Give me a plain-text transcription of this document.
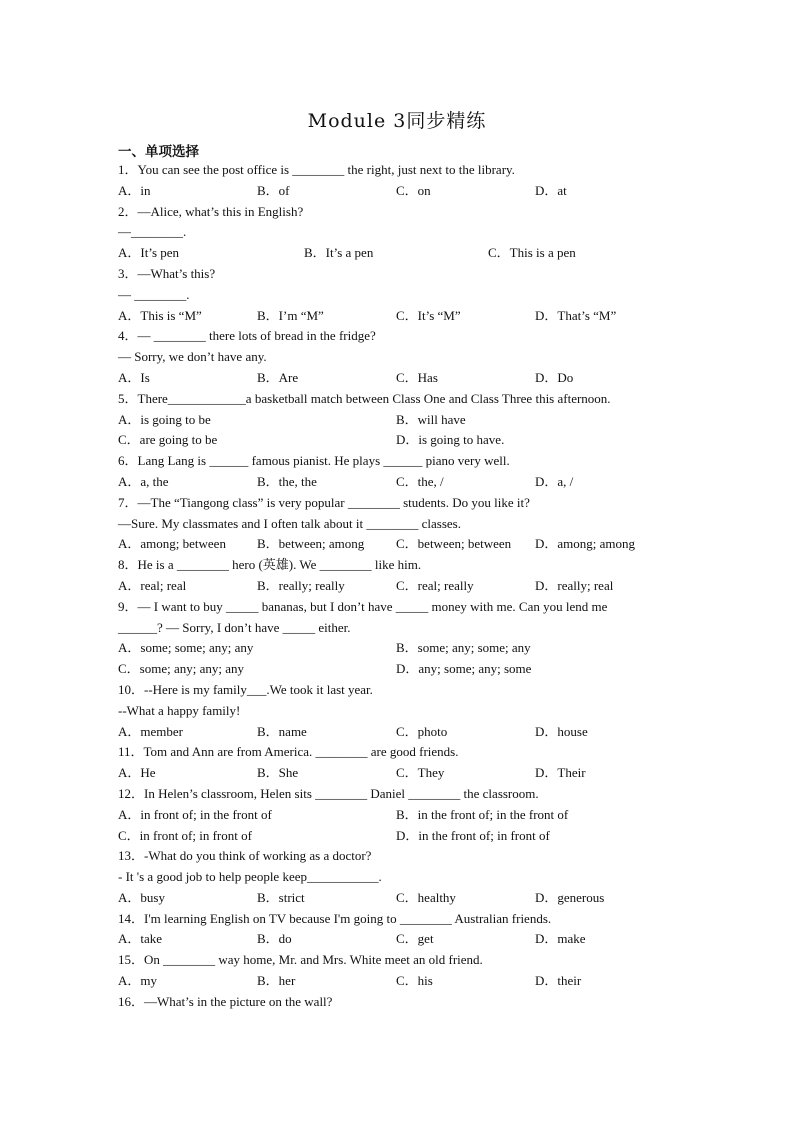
Module 3同步精练
一、单项选择
1．You can see the post office is ________ the right, just next to the library.
A．in	B．of	C．on	D．at
2．—Alice, what’s this in English?
—________.
A．It’s pen	B．It’s a pen	C．This is a pen
3．—What’s this?
— ________.
A．This is “M”	B．I’m “M”	C．It’s “M”	D．That’s “M”
4．— ________ there lots of bread in the fridge?
— Sorry, we don’t have any.
A．Is	B．Are	C．Has	D．Do
5．There____________a basketball match between Class One and Class Three this afternoon.
A．is going to be	B．will have
C．are going to be	D．is going to have.
6．Lang Lang is ______ famous pianist. He plays ______ piano very well.
A．a, the	B．the, the	C．the, /	D．a, /
7．—The “Tiangong class” is very popular ________ students. Do you like it?
—Sure. My classmates and I often talk about it ________ classes.
A．among; between B．between; among C．between; between D．among; among
8．He is a ________ hero (英雄). We ________ like him.
A．real; real	B．really; really	C．real; really	D．really; real
9．— I want to buy _____ bananas, but I don’t have _____ money with me. Can you lend me
______? — Sorry, I don’t have _____ either.
A．some; some; any; any	B．some; any; some; any
C．some; any; any; any	D．any; some; any; some
10．--Here is my family___.We took it last year.
--What a happy family!
A．member	B．name	C．photo	D．house
11．Tom and Ann are from America. ________ are good friends.
A．He	B．She	C．They	D．Their
12．In Helen’s classroom, Helen sits ________ Daniel ________ the classroom.
A．in front of; in the front of	B．in the front of; in the front of
C．in front of; in front of	D．in the front of; in front of
13．-What do you think of working as a doctor?
- It 's a good job to help people keep___________.
A．busy	B．strict	C．healthy	D．generous
14．I'm learning English on TV because I'm going to ________ Australian friends.
A．take	B．do	C．get	D．make
15．On ________ way home, Mr. and Mrs. White meet an old friend.
A．my	B．her	C．his	D．their
16．—What’s in the picture on the wall?
